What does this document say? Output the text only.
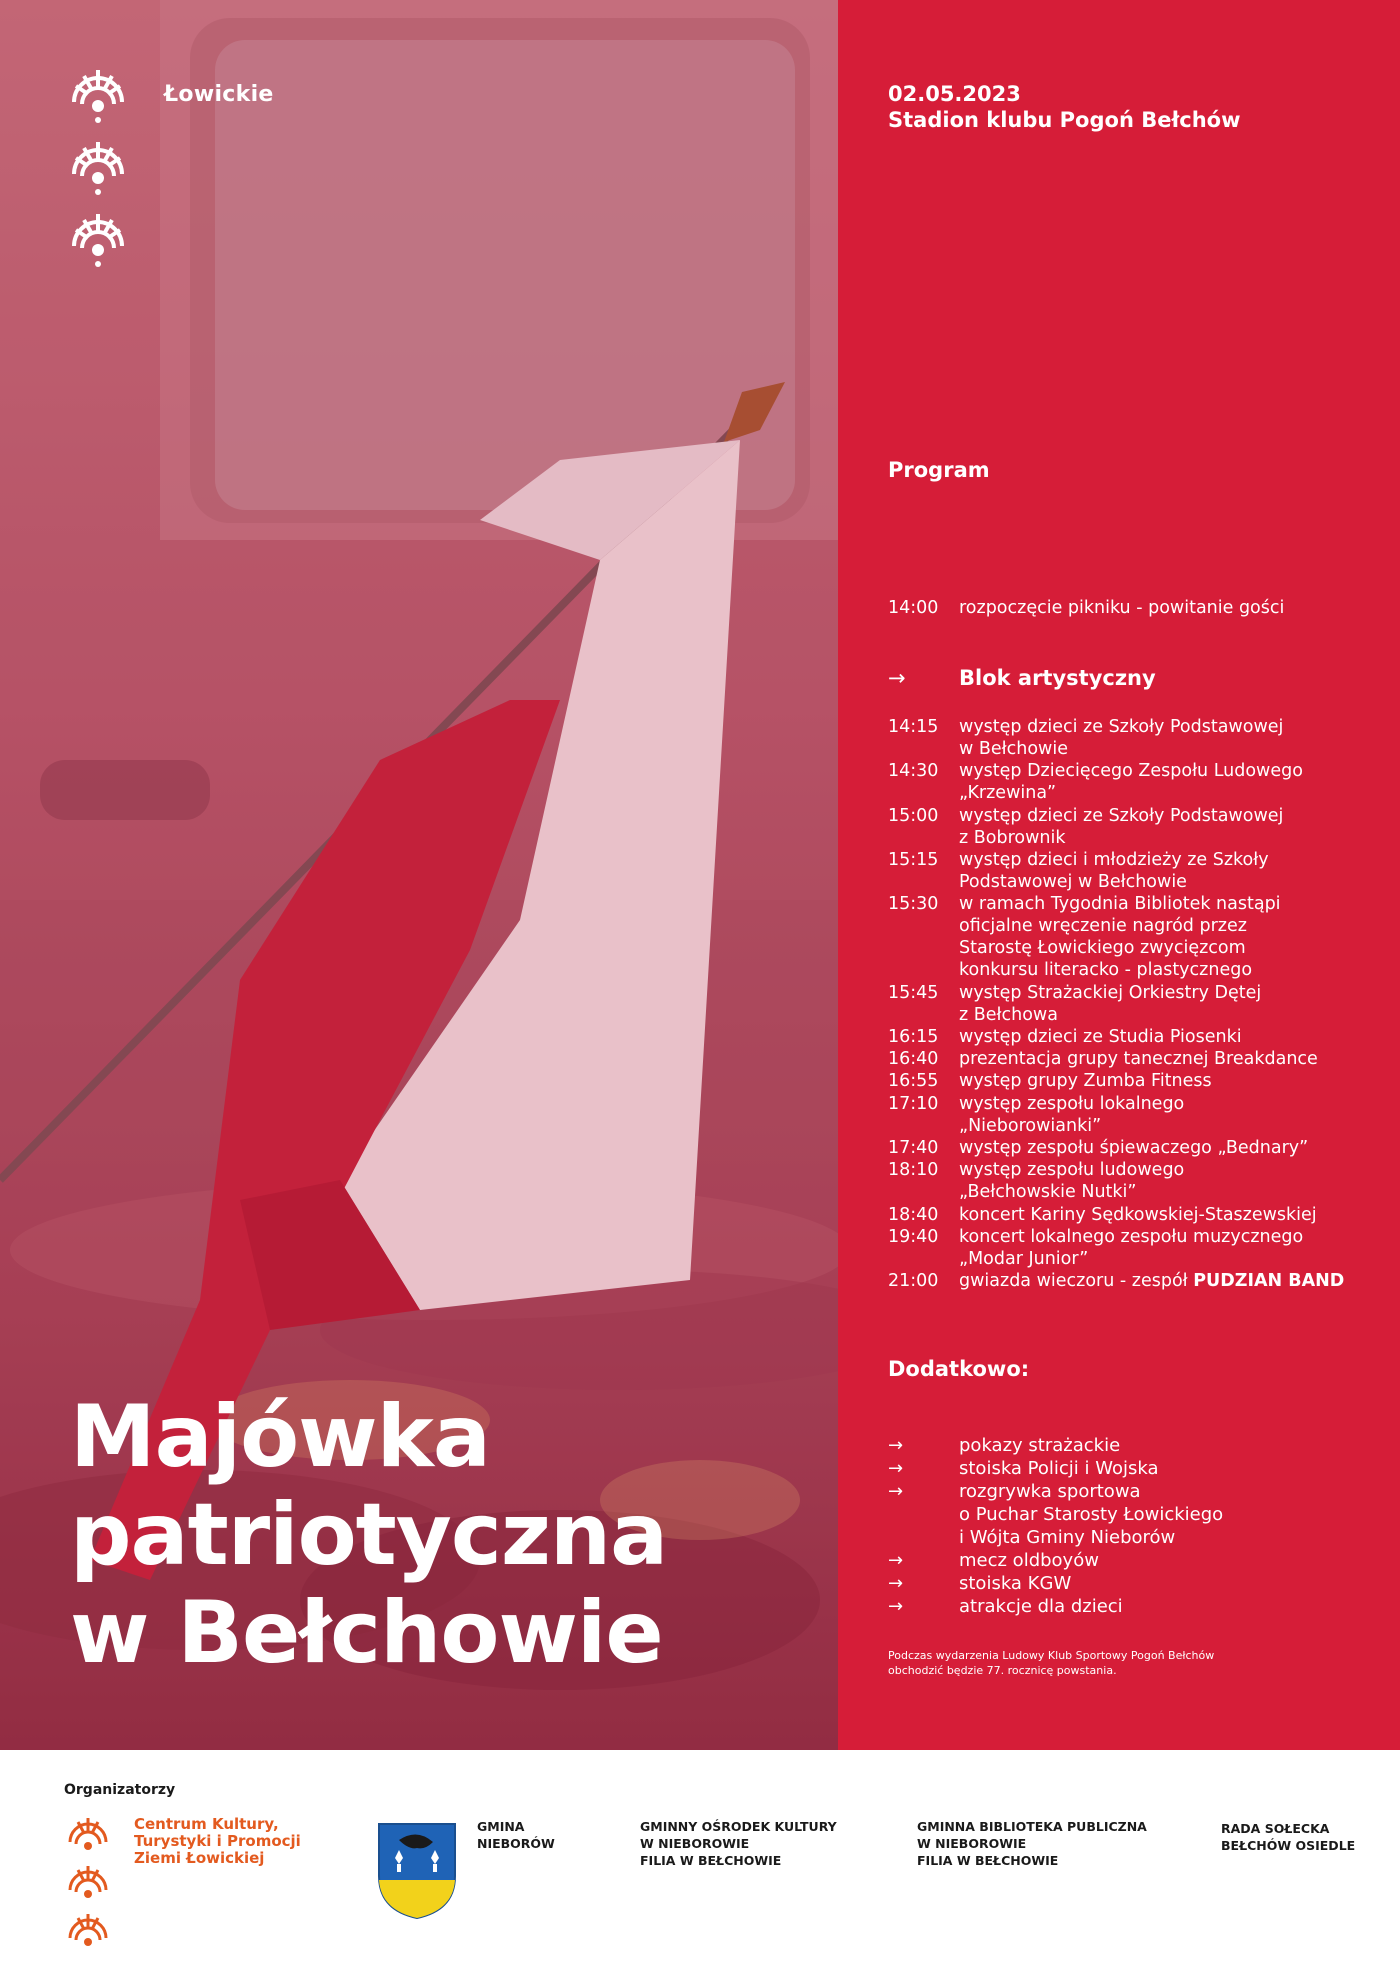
Łowickie
Majówka
patriotyczna
w Bełchowie
02.05.2023
Stadion klubu Pogoń Bełchów
Program
14:00	rozpoczęcie pikniku - powitanie gości
→	Blok artystyczny
14:15	występ dzieci ze Szkoły Podstawowej
w Bełchowie
14:30	występ Dziecięcego Zespołu Ludowego
„Krzewina”
15:00	występ dzieci ze Szkoły Podstawowej
z Bobrownik
15:15	występ dzieci i młodzieży ze Szkoły
Podstawowej w Bełchowie
15:30	w ramach Tygodnia Bibliotek nastąpi
oficjalne wręczenie nagród przez
Starostę Łowickiego zwycięzcom
konkursu literacko - plastycznego
15:45	występ Strażackiej Orkiestry Dętej
z Bełchowa
16:15	występ dzieci ze Studia Piosenki
16:40	prezentacja grupy tanecznej Breakdance
16:55	występ grupy Zumba Fitness
17:10	występ zespołu lokalnego
„Nieborowianki”
17:40	występ zespołu śpiewaczego „Bednary”
18:10	występ zespołu ludowego
„Bełchowskie Nutki”
18:40	koncert Kariny Sędkowskiej-Staszewskiej
19:40	koncert lokalnego zespołu muzycznego
„Modar Junior”
21:00	gwiazda wieczoru - zespół PUDZIAN BAND
Dodatkowo:
→	pokazy strażackie
→	stoiska Policji i Wojska
→	rozgrywka sportowa
o Puchar Starosty Łowickiego
i Wójta Gminy Nieborów
→	mecz oldboyów
→	stoiska KGW
→	atrakcje dla dzieci
Podczas wydarzenia Ludowy Klub Sportowy Pogoń Bełchów obchodzić będzie 77. rocznicę powstania.
Organizatorzy
Centrum Kultury,
Turystyki i Promocji
Ziemi Łowickiej
GMINA
NIEBORÓW
GMINNY OŚRODEK KULTURY
W NIEBOROWIE
FILIA W BEŁCHOWIE
GMINNA BIBLIOTEKA PUBLICZNA
W NIEBOROWIE
FILIA W BEŁCHOWIE
RADA SOŁECKA
BEŁCHÓW OSIEDLE
